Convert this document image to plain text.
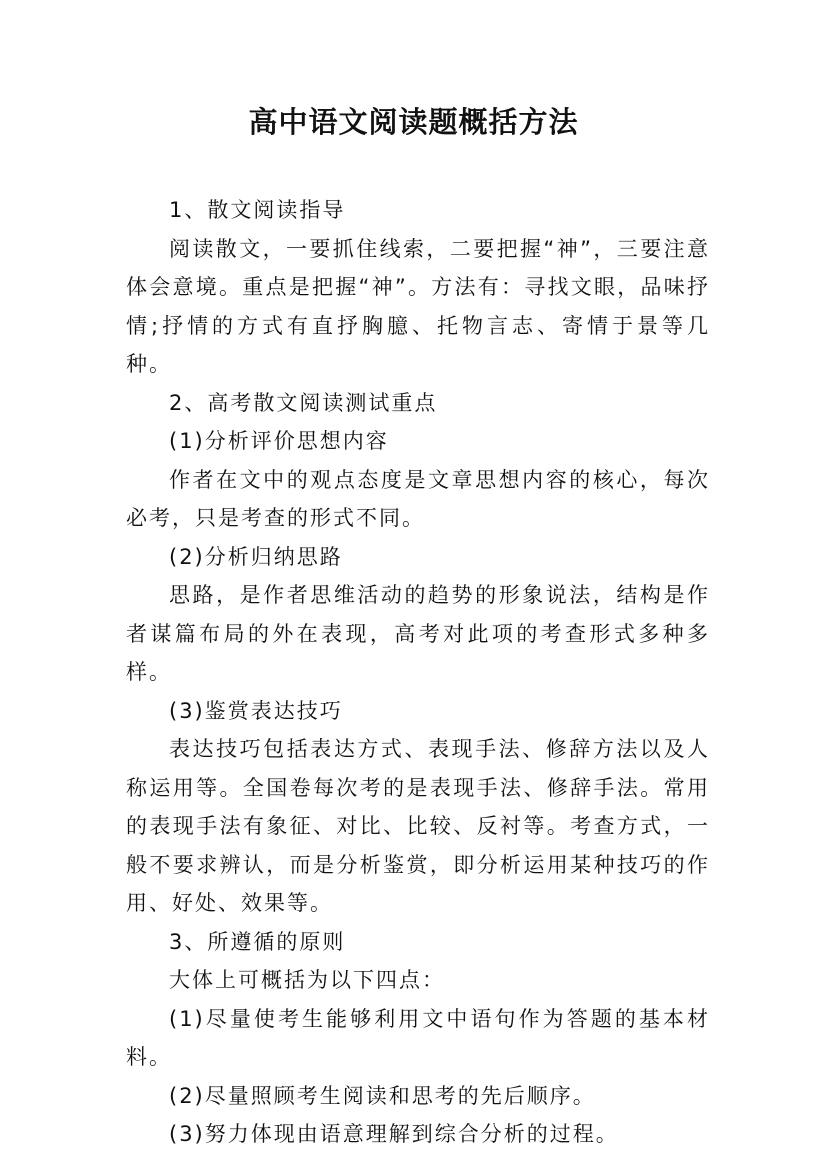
高中语文阅读题概括方法

1、散文阅读指导

阅读散文，一要抓住线索，二要把握“神”，三要注意体会意境。重点是把握“神”。方法有：寻找文眼，品味抒情;抒情的方式有直抒胸臆、托物言志、寄情于景等几种。

2、高考散文阅读测试重点

(1)分析评价思想内容

作者在文中的观点态度是文章思想内容的核心，每次必考，只是考查的形式不同。

(2)分析归纳思路

思路，是作者思维活动的趋势的形象说法，结构是作者谋篇布局的外在表现，高考对此项的考查形式多种多样。

(3)鉴赏表达技巧

表达技巧包括表达方式、表现手法、修辞方法以及人称运用等。全国卷每次考的是表现手法、修辞手法。常用的表现手法有象征、对比、比较、反衬等。考查方式，一般不要求辨认，而是分析鉴赏，即分析运用某种技巧的作用、好处、效果等。

3、所遵循的原则

大体上可概括为以下四点：

(1)尽量使考生能够利用文中语句作为答题的基本材料。

(2)尽量照顾考生阅读和思考的先后顺序。

(3)努力体现由语意理解到综合分析的过程。
